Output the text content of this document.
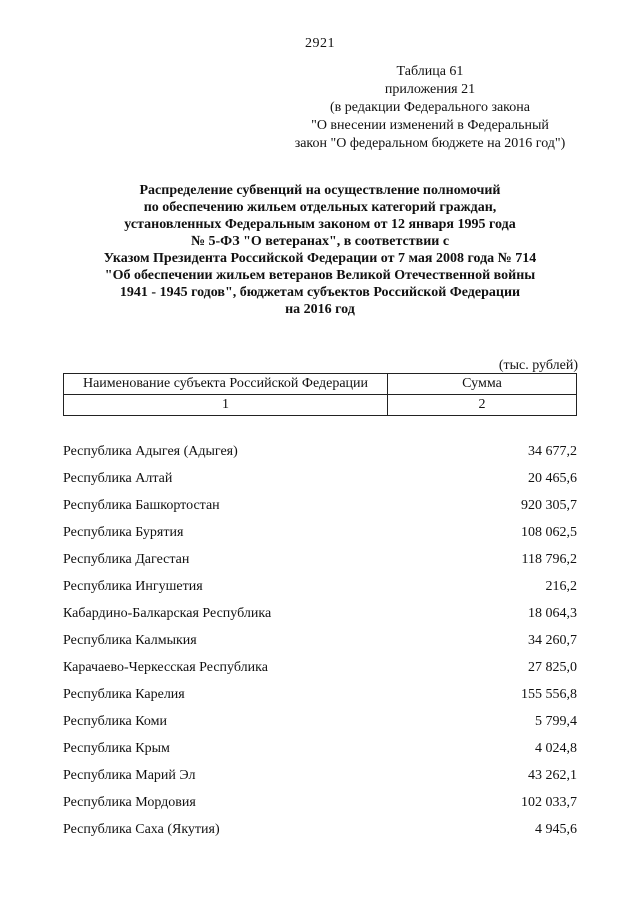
2921
Таблица 61
приложения 21
(в редакции Федерального закона
"О внесении изменений в Федеральный
закон "О федеральном бюджете на 2016 год")
Распределение субвенций на осуществление полномочий
по обеспечению жильем отдельных категорий граждан,
установленных Федеральным законом от 12 января 1995 года
№ 5-ФЗ "О ветеранах", в соответствии с
Указом Президента Российской Федерации от 7 мая 2008 года № 714
"Об обеспечении жильем ветеранов Великой Отечественной войны
1941 - 1945 годов", бюджетам субъектов Российской Федерации
на 2016 год
(тыс. рублей)
Наименование субъекта Российской Федерации	Сумма
1	2
Республика Адыгея (Адыгея)	34 677,2
Республика Алтай	20 465,6
Республика Башкортостан	920 305,7
Республика Бурятия	108 062,5
Республика Дагестан	118 796,2
Республика Ингушетия	216,2
Кабардино-Балкарская Республика	18 064,3
Республика Калмыкия	34 260,7
Карачаево-Черкесская Республика	27 825,0
Республика Карелия	155 556,8
Республика Коми	5 799,4
Республика Крым	4 024,8
Республика Марий Эл	43 262,1
Республика Мордовия	102 033,7
Республика Саха (Якутия)	4 945,6
